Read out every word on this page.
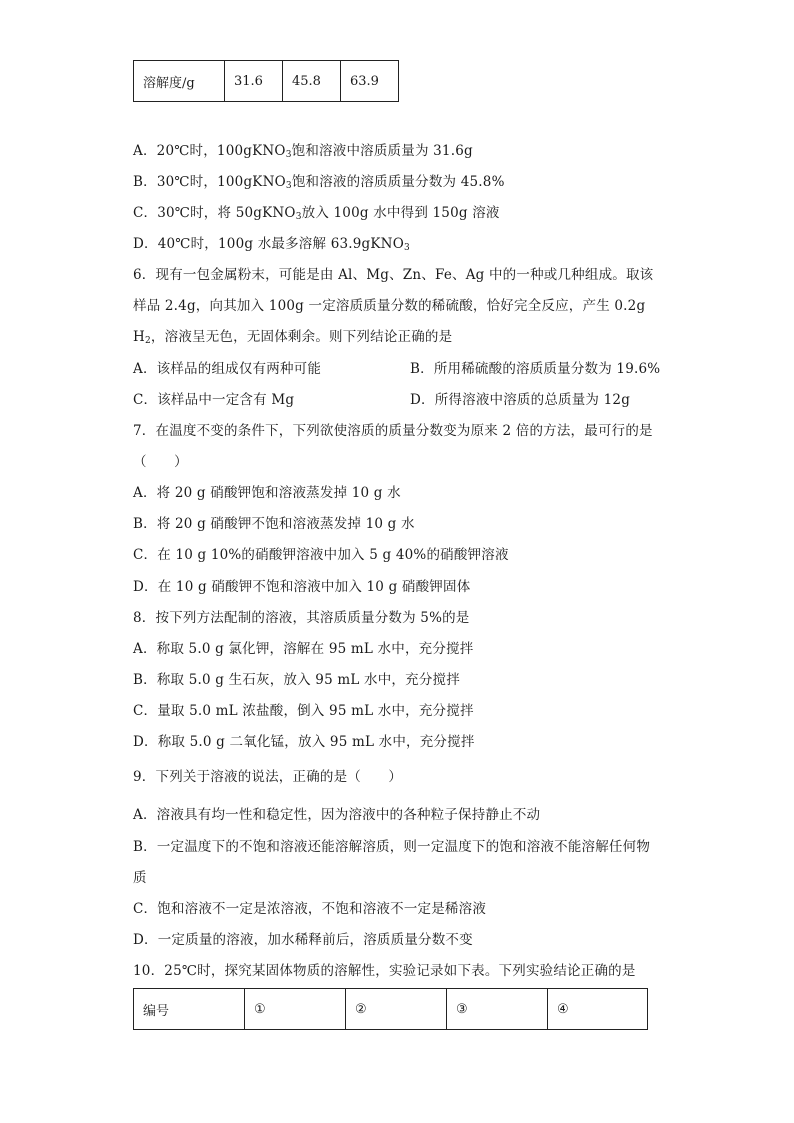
溶解度/g	31.6	45.8	63.9
A．20℃时，100gKNO$_3$饱和溶液中溶质质量为 31.6g
B．30℃时，100gKNO$_3$饱和溶液的溶质质量分数为 45.8%
C．30℃时，将 50gKNO$_3$放入 100g 水中得到 150g 溶液
D．40℃时，100g 水最多溶解 63.9gKNO$_3$
6．现有一包金属粉末，可能是由 Al、Mg、Zn、Fe、Ag 中的一种或几种组成。取该
样品 2.4g，向其加入 100g 一定溶质质量分数的稀硫酸，恰好完全反应，产生 0.2g
$H_2$，溶液呈无色，无固体剩余。则下列结论正确的是
A．该样品的组成仅有两种可能	B．所用稀硫酸的溶质质量分数为 19.6%
C．该样品中一定含有 Mg	D．所得溶液中溶质的总质量为 12g
7．在温度不变的条件下，下列欲使溶质的质量分数变为原来 2 倍的方法，最可行的是
（　　）
A．将 20 g 硝酸钾饱和溶液蒸发掉 10 g 水
B．将 20 g 硝酸钾不饱和溶液蒸发掉 10 g 水
C．在 10 g 10%的硝酸钾溶液中加入 5 g 40%的硝酸钾溶液
D．在 10 g 硝酸钾不饱和溶液中加入 10 g 硝酸钾固体
8．按下列方法配制的溶液，其溶质质量分数为 5%的是
A．称取 5.0 g 氯化钾，溶解在 95 mL 水中，充分搅拌
B．称取 5.0 g 生石灰，放入 95 mL 水中，充分搅拌
C．量取 5.0 mL 浓盐酸，倒入 95 mL 水中，充分搅拌
D．称取 5.0 g 二氧化锰，放入 95 mL 水中，充分搅拌
9．下列关于溶液的说法，正确的是（　　）
A．溶液具有均一性和稳定性，因为溶液中的各种粒子保持静止不动
B．一定温度下的不饱和溶液还能溶解溶质，则一定温度下的饱和溶液不能溶解任何物
质
C．饱和溶液不一定是浓溶液，不饱和溶液不一定是稀溶液
D．一定质量的溶液，加水稀释前后，溶质质量分数不变
10．25℃时，探究某固体物质的溶解性，实验记录如下表。下列实验结论正确的是
编号	①	②	③	④
